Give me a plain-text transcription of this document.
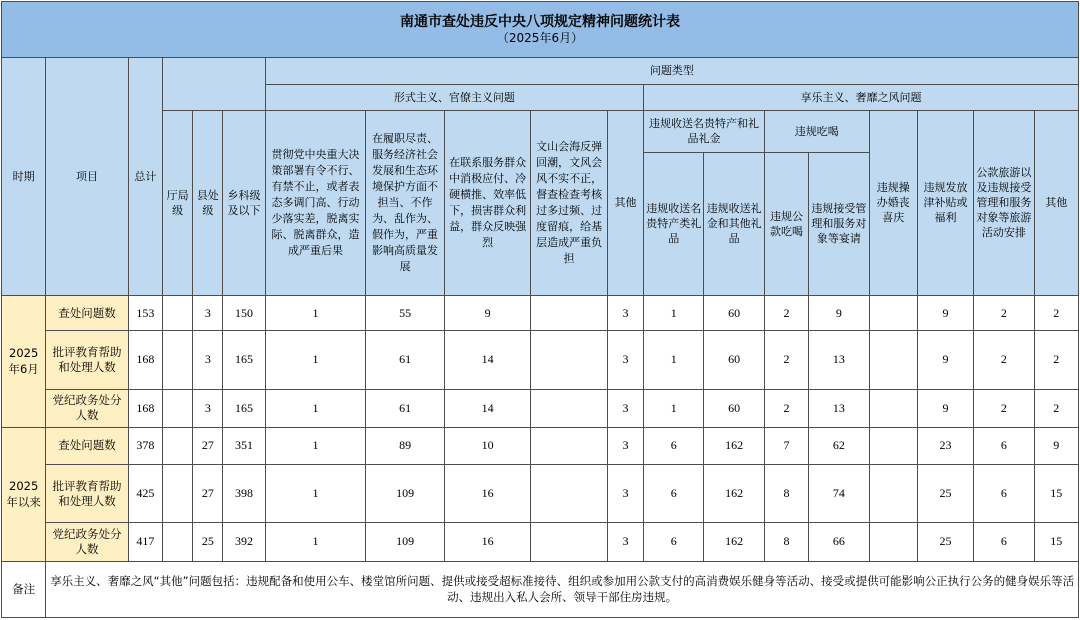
南通市查处违反中央八项规定精神问题统计表
（2025年6月）																		

时期	项目	总计				问题类型												
						形式主义、官僚主义问题					享乐主义、奢靡之风问题							
			厅局级	县处级	乡科级及以下	贯彻党中央重大决策部署有令不行、有禁不止，或者表态多调门高、行动少落实差，脱离实际、脱离群众，造成严重后果	在履职尽责、服务经济社会发展和生态环境保护方面不担当、不作为、乱作为、假作为，严重影响高质量发展	在联系服务群众中消极应付、冷硬横推、效率低下，损害群众利益，群众反映强烈	文山会海反弹回潮，文风会风不实不正，督查检查考核过多过频、过度留痕，给基层造成严重负担	其他	违规收送名贵特产和礼品礼金		违规吃喝		违规操办婚丧喜庆	违规发放津补贴或福利	公款旅游以及违规接受管理和服务对象等旅游活动安排	其他
											违规收送名贵特产类礼品	违规收送礼金和其他礼品	违规公款吃喝	违规接受管理和服务对象等宴请				
2025年6月	查处问题数	153		3	150	1	55	9		3	1	60	2	9		9	2	2
	批评教育帮助和处理人数	168		3	165	1	61	14		3	1	60	2	13		9	2	2
	党纪政务处分人数	168		3	165	1	61	14		3	1	60	2	13		9	2	2
2025年以来	查处问题数	378		27	351	1	89	10		3	6	162	7	62		23	6	9
	批评教育帮助和处理人数	425		27	398	1	109	16		3	6	162	8	74		25	6	15
	党纪政务处分人数	417		25	392	1	109	16		3	6	162	8	66		25	6	15
备注	享乐主义、奢靡之风“其他”问题包括：违规配备和使用公车、楼堂馆所问题、提供或接受超标准接待、组织或参加用公款支付的高消费娱乐健身等活动、接受或提供可能影响公正执行公务的健身娱乐等活动、违规出入私人会所、领导干部住房违规。																	
